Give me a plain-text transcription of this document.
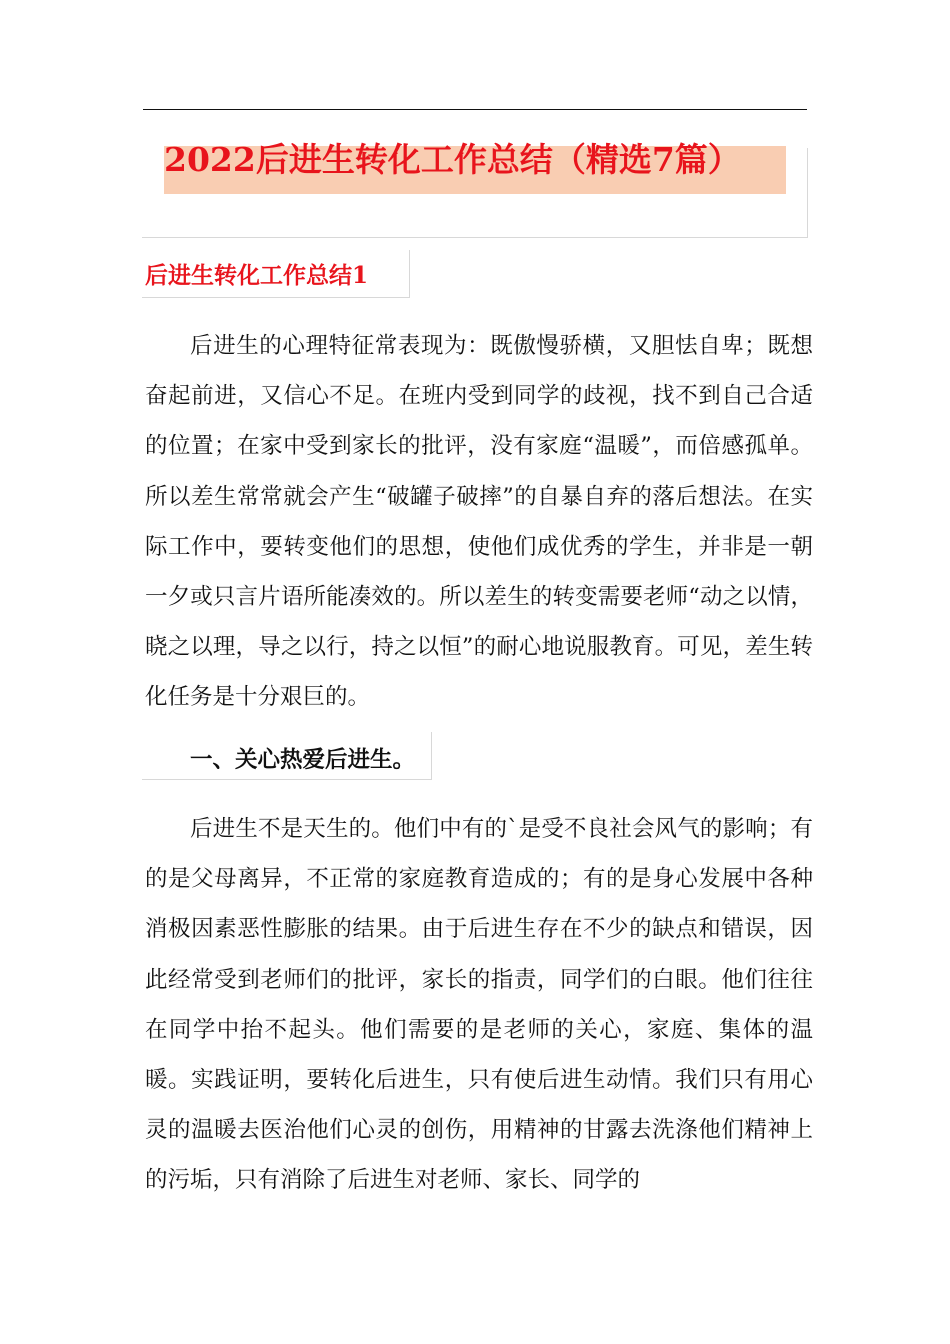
2022后进生转化工作总结（精选7篇）
后进生转化工作总结1

后进生的心理特征常表现为：既傲慢骄横，又胆怯自卑；既想奋起前进，又信心不足。在班内受到同学的歧视，找不到自己合适的位置；在家中受到家长的批评，没有家庭“温暖”，而倍感孤单。所以差生常常就会产生“破罐子破摔”的自暴自弃的落后想法。在实际工作中，要转变他们的思想，使他们成优秀的学生，并非是一朝一夕或只言片语所能凑效的。所以差生的转变需要老师“动之以情，晓之以理，导之以行，持之以恒”的耐心地说服教育。可见，差生转化任务是十分艰巨的。

一、关心热爱后进生。

后进生不是天生的。他们中有的`是受不良社会风气的影响；有的是父母离异，不正常的家庭教育造成的；有的是身心发展中各种消极因素恶性膨胀的结果。由于后进生存在不少的缺点和错误，因此经常受到老师们的批评，家长的指责，同学们的白眼。他们往往在同学中抬不起头。他们需要的是老师的关心，家庭、集体的温暖。实践证明，要转化后进生，只有使后进生动情。我们只有用心灵的温暖去医治他们心灵的创伤，用精神的甘露去洗涤他们精神上的污垢，只有消除了后进生对老师、家长、同学的
